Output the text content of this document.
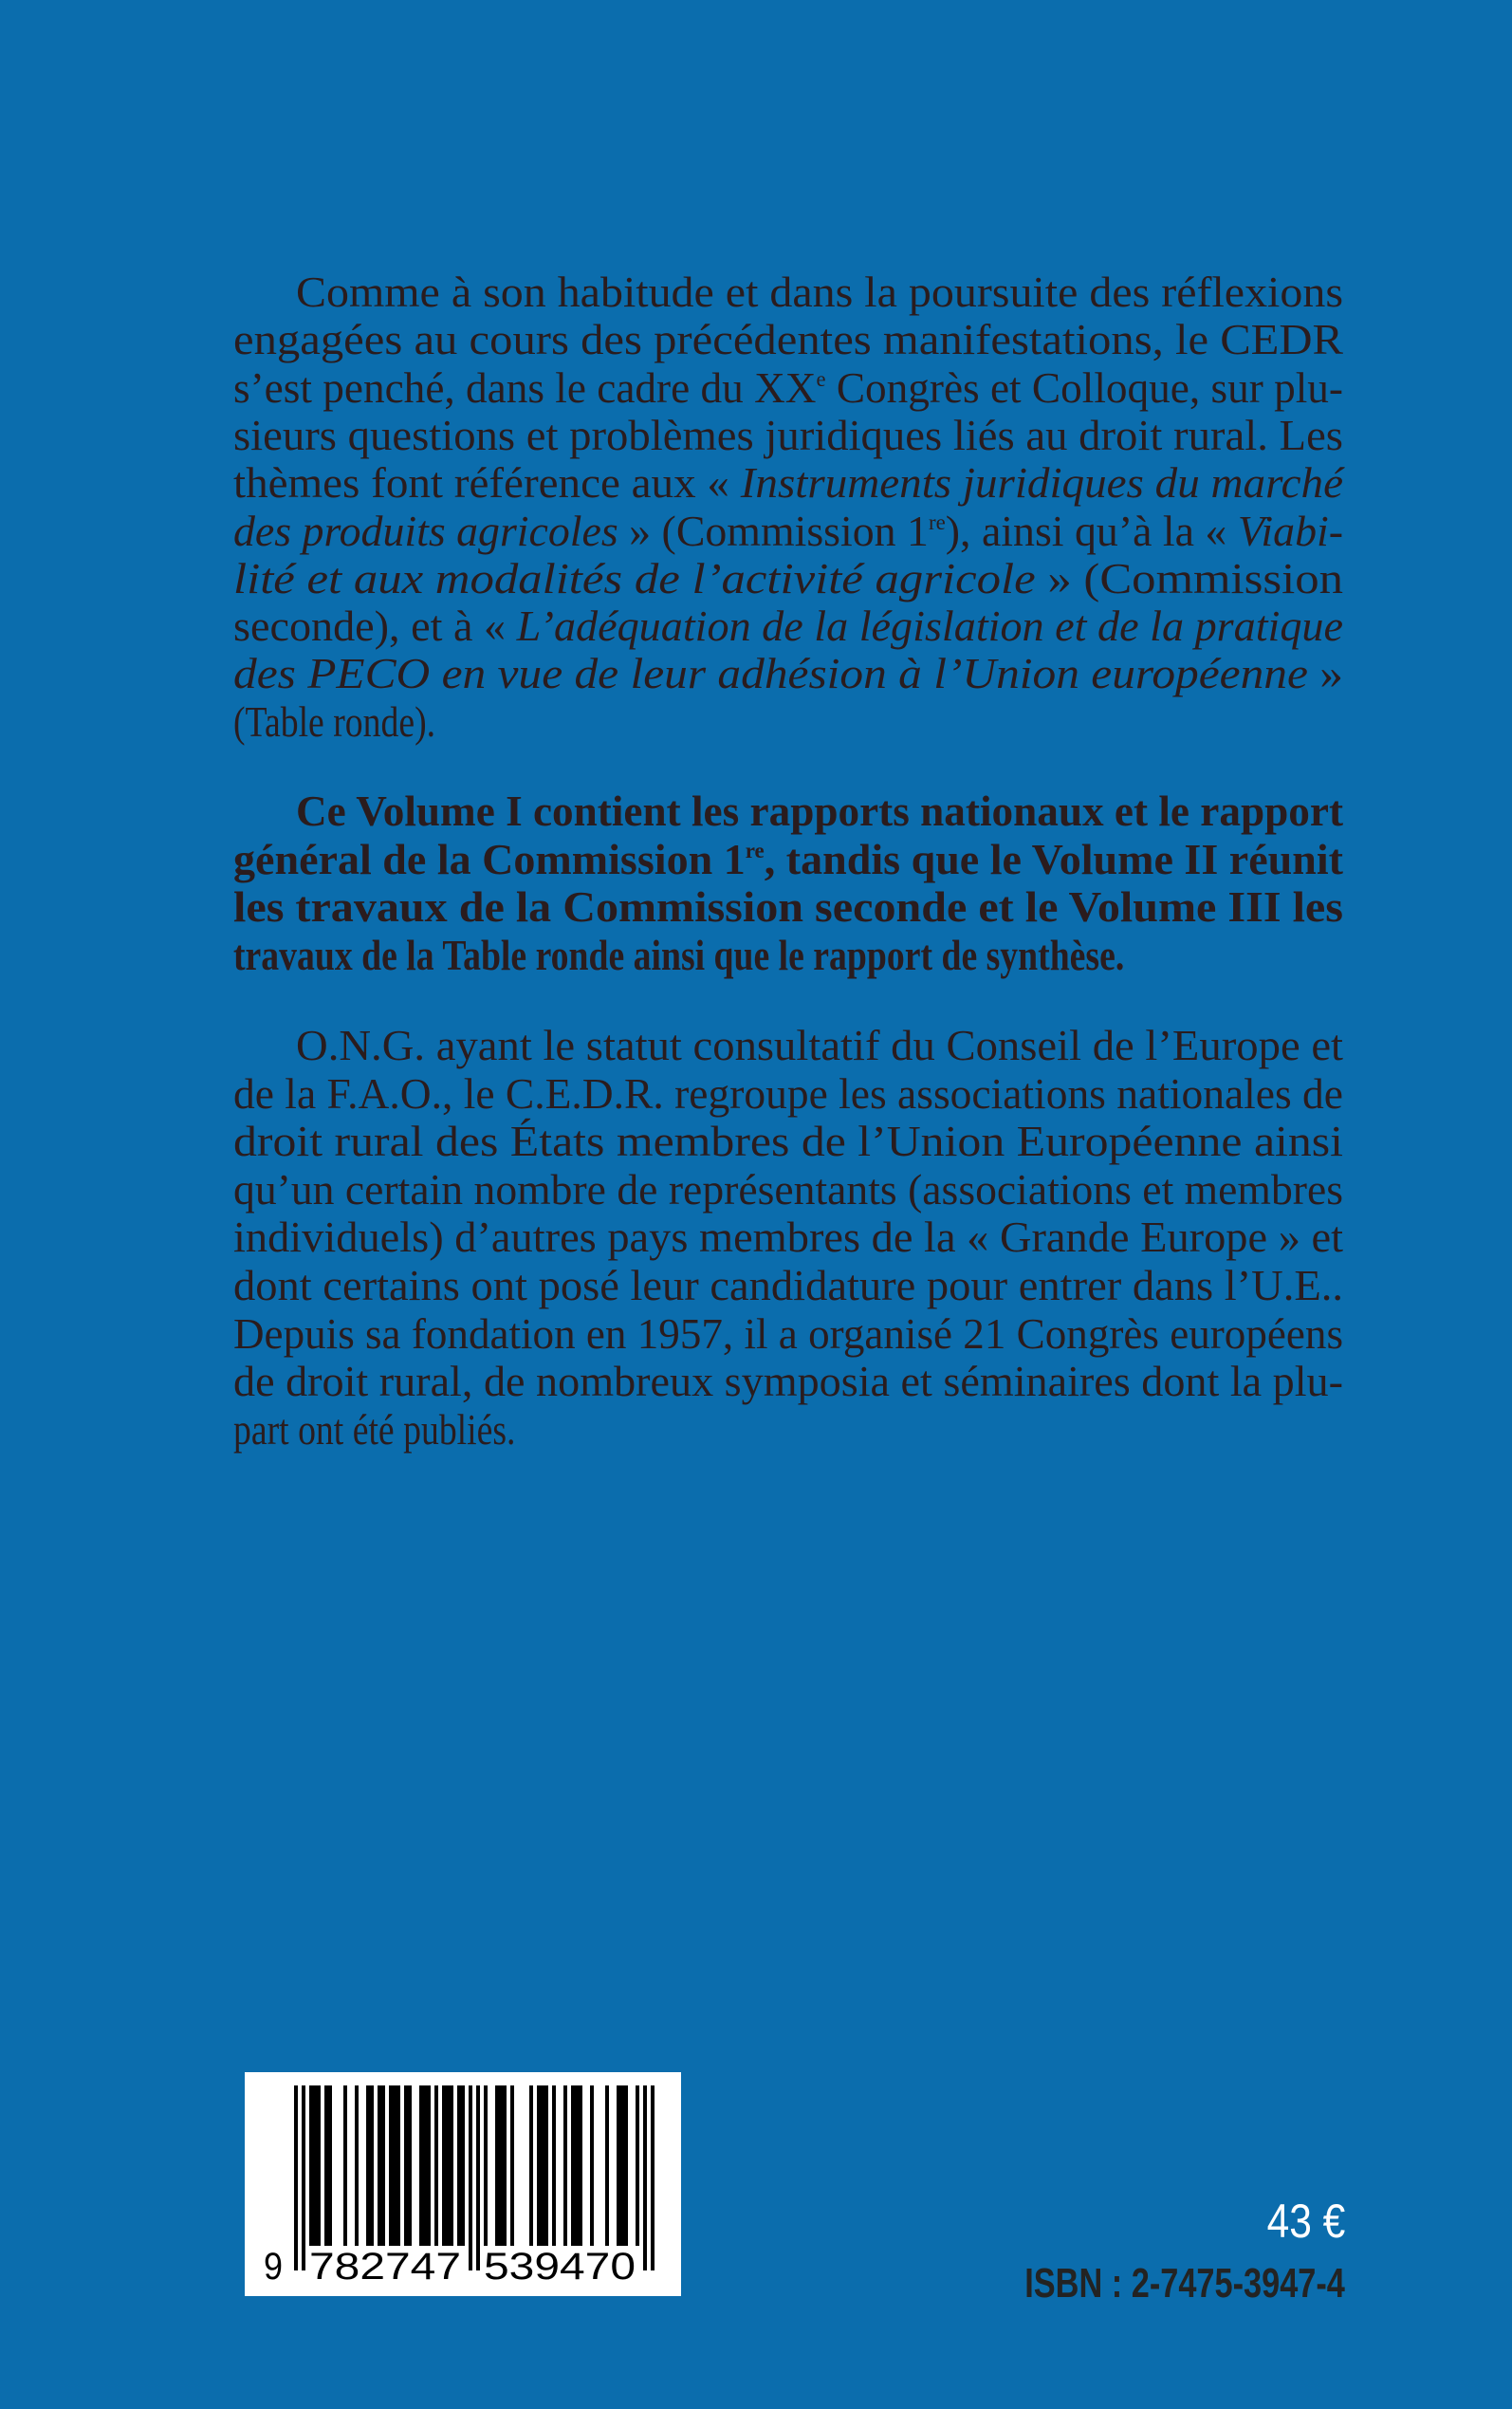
Comme à son habitude et dans la poursuite des réflexions
engagées au cours des précédentes manifestations, le CEDR
s’est penché, dans le cadre du XXe Congrès et Colloque, sur plu-
sieurs questions et problèmes juridiques liés au droit rural. Les
thèmes font référence aux « Instruments juridiques du marché
des produits agricoles » (Commission 1re), ainsi qu’à la « Viabi-
lité et aux modalités de l’activité agricole » (Commission
seconde), et à « L’adéquation de la législation et de la pratique
des PECO en vue de leur adhésion à l’Union européenne »
(Table ronde).
Ce Volume I contient les rapports nationaux et le rapport
général de la Commission 1re, tandis que le Volume II réunit
les travaux de la Commission seconde et le Volume III les
travaux de la Table ronde ainsi que le rapport de synthèse.
O.N.G. ayant le statut consultatif du Conseil de l’Europe et
de la F.A.O., le C.E.D.R. regroupe les associations nationales de
droit rural des États membres de l’Union Européenne ainsi
qu’un certain nombre de représentants (associations et membres
individuels) d’autres pays membres de la « Grande Europe » et
dont certains ont posé leur candidature pour entrer dans l’U.E..
Depuis sa fondation en 1957, il a organisé 21 Congrès européens
de droit rural, de nombreux symposia et séminaires dont la plu-
part ont été publiés.
9 782747 539470
43 €
ISBN : 2-7475-3947-4
